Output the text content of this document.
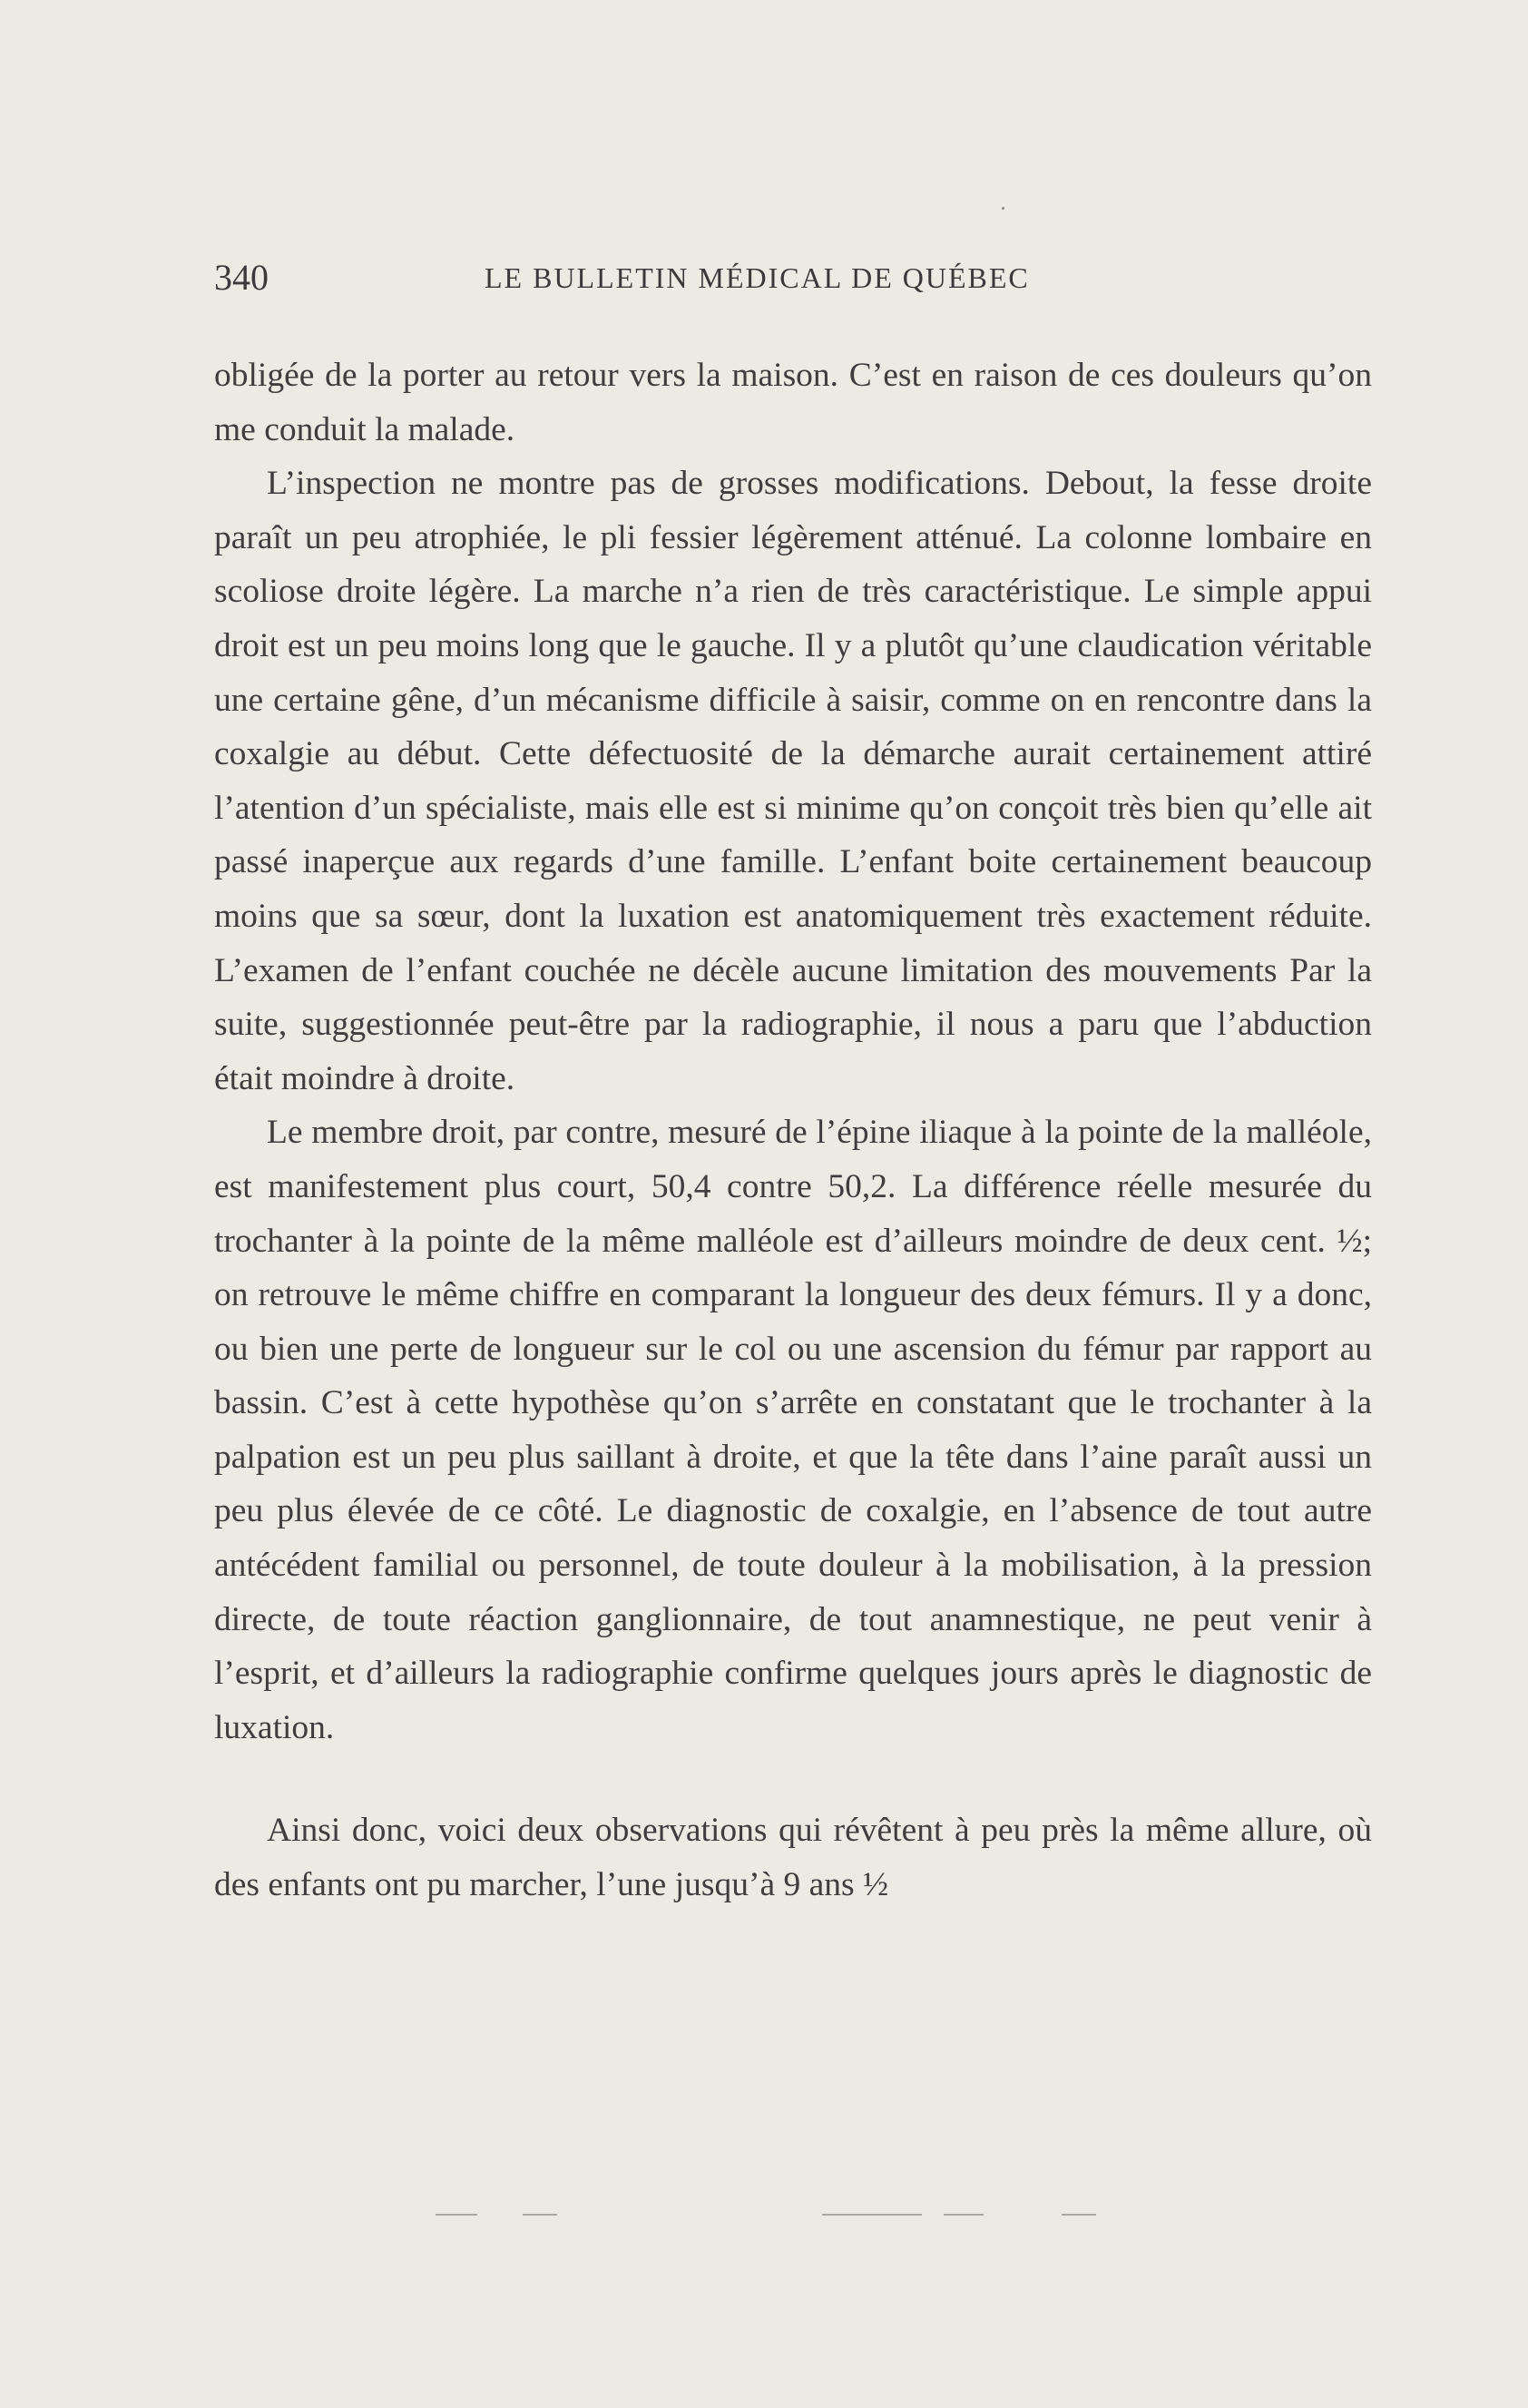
340	LE BULLETIN MÉDICAL DE QUÉBEC

obligée de la porter au retour vers la maison. C’est en raison de ces douleurs qu’on me conduit la malade.

L’inspection ne montre pas de grosses modifications. Debout, la fesse droite paraît un peu atrophiée, le pli fessier légèrement atténué. La colonne lombaire en scoliose droite légère. La marche n’a rien de très caractéristique. Le simple appui droit est un peu moins long que le gauche. Il y a plutôt qu’une claudication véritable une certaine gêne, d’un mécanisme difficile à saisir, comme on en rencontre dans la coxalgie au début. Cette défectuosité de la démarche aurait certainement attiré l’atention d’un spécialiste, mais elle est si minime qu’on conçoit très bien qu’elle ait passé inaperçue aux regards d’une famille. L’enfant boite certainement beaucoup moins que sa sœur, dont la luxation est anatomiquement très exactement réduite. L’examen de l’enfant couchée ne décèle aucune limitation des mouvements Par la suite, suggestionnée peut-être par la radiographie, il nous a paru que l’abduction était moindre à droite.

Le membre droit, par contre, mesuré de l’épine iliaque à la pointe de la malléole, est manifestement plus court, 50,4 contre 50,2. La différence réelle mesurée du trochanter à la pointe de la même malléole est d’ailleurs moindre de deux cent. ½; on retrouve le même chiffre en comparant la longueur des deux fémurs. Il y a donc, ou bien une perte de longueur sur le col ou une ascension du fémur par rapport au bassin. C’est à cette hypothèse qu’on s’arrête en constatant que le trochanter à la palpation est un peu plus saillant à droite, et que la tête dans l’aine paraît aussi un peu plus élevée de ce côté. Le diagnostic de coxalgie, en l’absence de tout autre antécédent familial ou personnel, de toute douleur à la mobilisation, à la pression directe, de toute réaction ganglionnaire, de tout anamnestique, ne peut venir à l’esprit, et d’ailleurs la radiographie confirme quelques jours après le diagnostic de luxation.

Ainsi donc, voici deux observations qui révêtent à peu près la même allure, où des enfants ont pu marcher, l’une jusqu’à 9 ans ½
